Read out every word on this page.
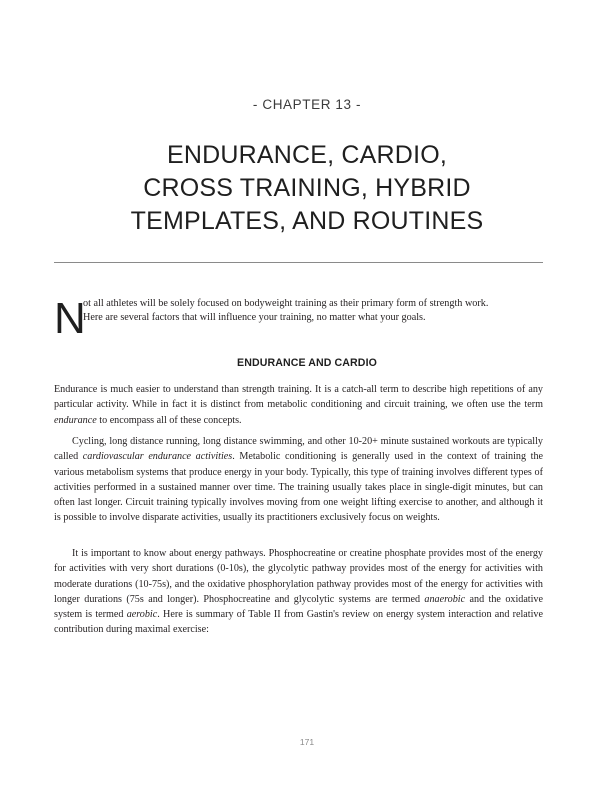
- CHAPTER 13 -
ENDURANCE, CARDIO,
CROSS TRAINING, HYBRID
TEMPLATES, AND ROUTINES
N
ot all athletes will be solely focused on bodyweight training as their primary form of strength work.
Here are several factors that will influence your training, no matter what your goals.
ENDURANCE AND CARDIO

Endurance is much easier to understand than strength training. It is a catch-all term to describe high repetitions of any particular activity. While in fact it is distinct from metabolic conditioning and circuit training, we often use the term endurance to encompass all of these concepts.

Cycling, long distance running, long distance swimming, and other 10-20+ minute sustained workouts are typically called cardiovascular endurance activities. Metabolic conditioning is generally used in the context of training the various metabolism systems that produce energy in your body. Typically, this type of training involves different types of activities performed in a sustained manner over time. The training usually takes place in single-digit minutes, but can often last longer. Circuit training typically involves moving from one weight lifting exercise to another, and although it is possible to involve disparate activities, usually its practitioners exclusively focus on weights.

It is important to know about energy pathways. Phosphocreatine or creatine phosphate provides most of the energy for activities with very short durations (0-10s), the glycolytic pathway provides most of the energy for activities with moderate durations (10-75s), and the oxidative phosphorylation pathway provides most of the energy for activities with longer durations (75s and longer). Phosphocreatine and glycolytic systems are termed anaerobic and the oxidative system is termed aerobic. Here is summary of Table II from Gastin's review on energy system interaction and relative contribution during maximal exercise:

171
